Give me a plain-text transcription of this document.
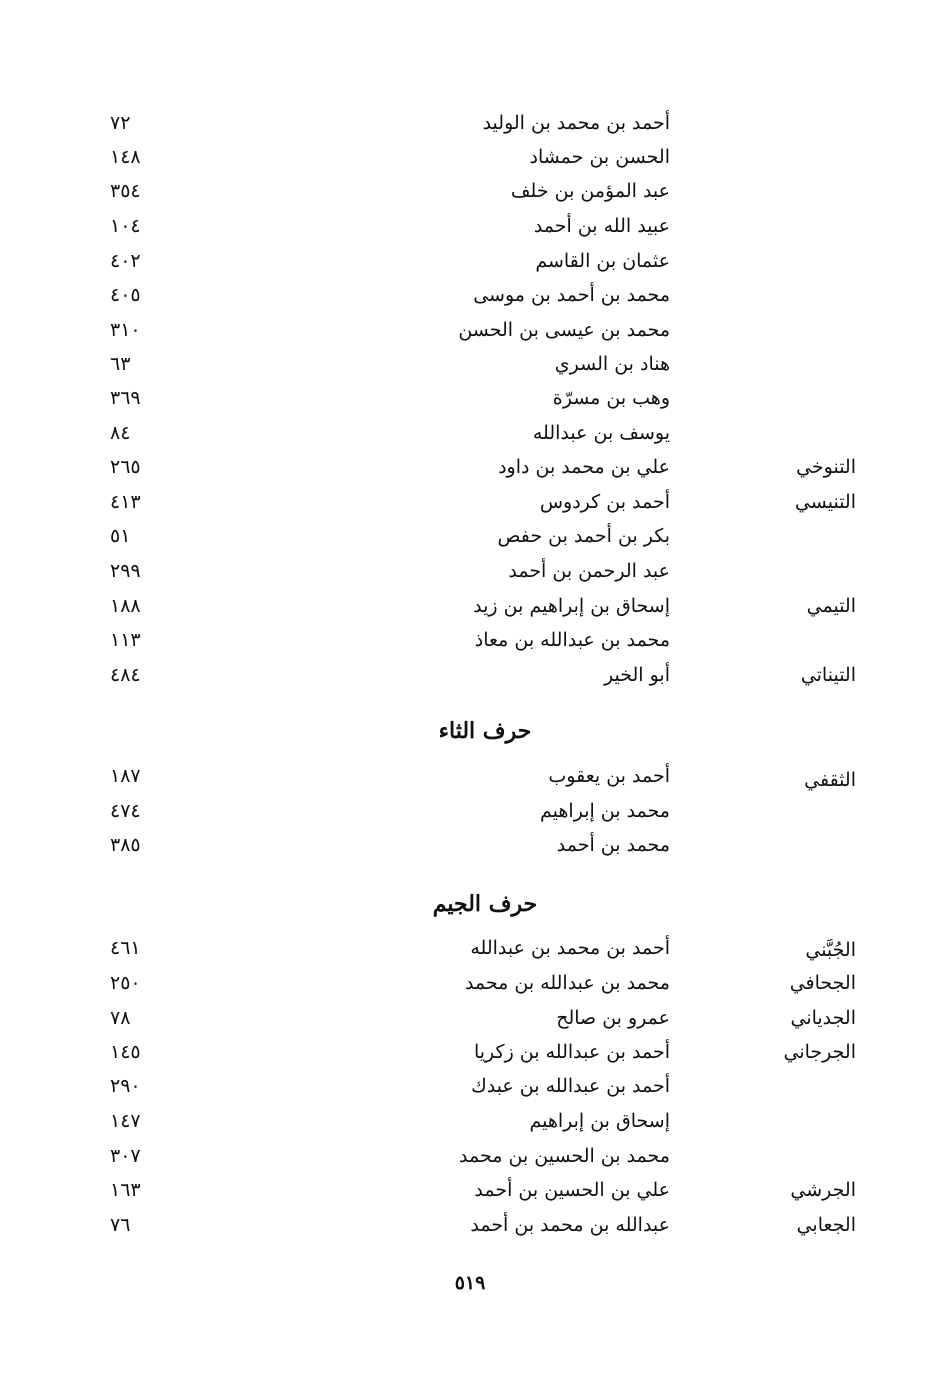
أحمد بن محمد بن الوليد
٧٢
الحسن بن حمشاد
١٤٨
عبد المؤمن بن خلف
٣٥٤
عبيد الله بن أحمد
١٠٤
عثمان بن القاسم
٤٠٢
محمد بن أحمد بن موسى
٤٠٥
محمد بن عيسى بن الحسن
٣١٠
هناد بن السري
٦٣
وهب بن مسرّة
٣٦٩
يوسف بن عبدالله
٨٤
التنوخي
علي بن محمد بن داود
٢٦٥
التنيسي
أحمد بن كردوس
٤١٣
بكر بن أحمد بن حفص
٥١
عبد الرحمن بن أحمد
٢٩٩
التيمي
إسحاق بن إبراهيم بن زيد
١٨٨
محمد بن عبدالله بن معاذ
١١٣
التيناتي
أبو الخير
٤٨٤
حرف الثاء
الثقفي
أحمد بن يعقوب
١٨٧
محمد بن إبراهيم
٤٧٤
محمد بن أحمد
٣٨٥
حرف الجيم
الجُبَّني
أحمد بن محمد بن عبدالله
٤٦١
الجحافي
محمد بن عبدالله بن محمد
٢٥٠
الجدياني
عمرو بن صالح
٧٨
الجرجاني
أحمد بن عبدالله بن زكريا
١٤٥
أحمد بن عبدالله بن عبدك
٢٩٠
إسحاق بن إبراهيم
١٤٧
محمد بن الحسين بن محمد
٣٠٧
الجرشي
علي بن الحسين بن أحمد
١٦٣
الجعابي
عبدالله بن محمد بن أحمد
٧٦
٥١٩
